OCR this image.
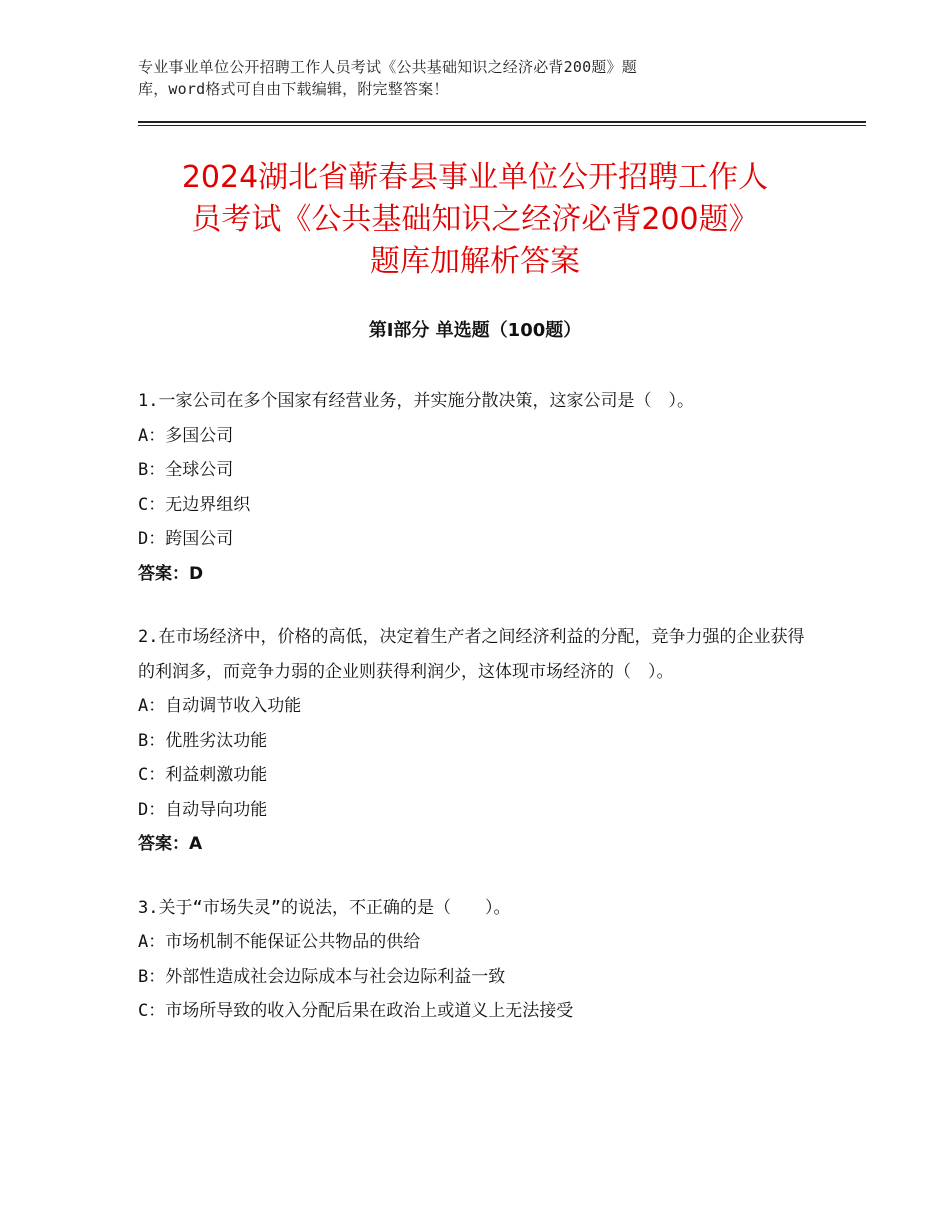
专业事业单位公开招聘工作人员考试《公共基础知识之经济必背200题》题
库，word格式可自由下载编辑，附完整答案！
2024湖北省蕲春县事业单位公开招聘工作人
员考试《公共基础知识之经济必背200题》
题库加解析答案
第Ⅰ部分 单选题（100题）

1.一家公司在多个国家有经营业务，并实施分散决策，这家公司是（　）。

A：多国公司

B：全球公司

C：无边界组织

D：跨国公司

答案：D

2.在市场经济中，价格的高低，决定着生产者之间经济利益的分配，竞争力强的企业获得的利润多，而竞争力弱的企业则获得利润少，这体现市场经济的（　）。

A：自动调节收入功能

B：优胜劣汰功能

C：利益刺激功能

D：自动导向功能

答案：A

3.关于“市场失灵”的说法，不正确的是（　　）。

A：市场机制不能保证公共物品的供给

B：外部性造成社会边际成本与社会边际利益一致

C：市场所导致的收入分配后果在政治上或道义上无法接受
